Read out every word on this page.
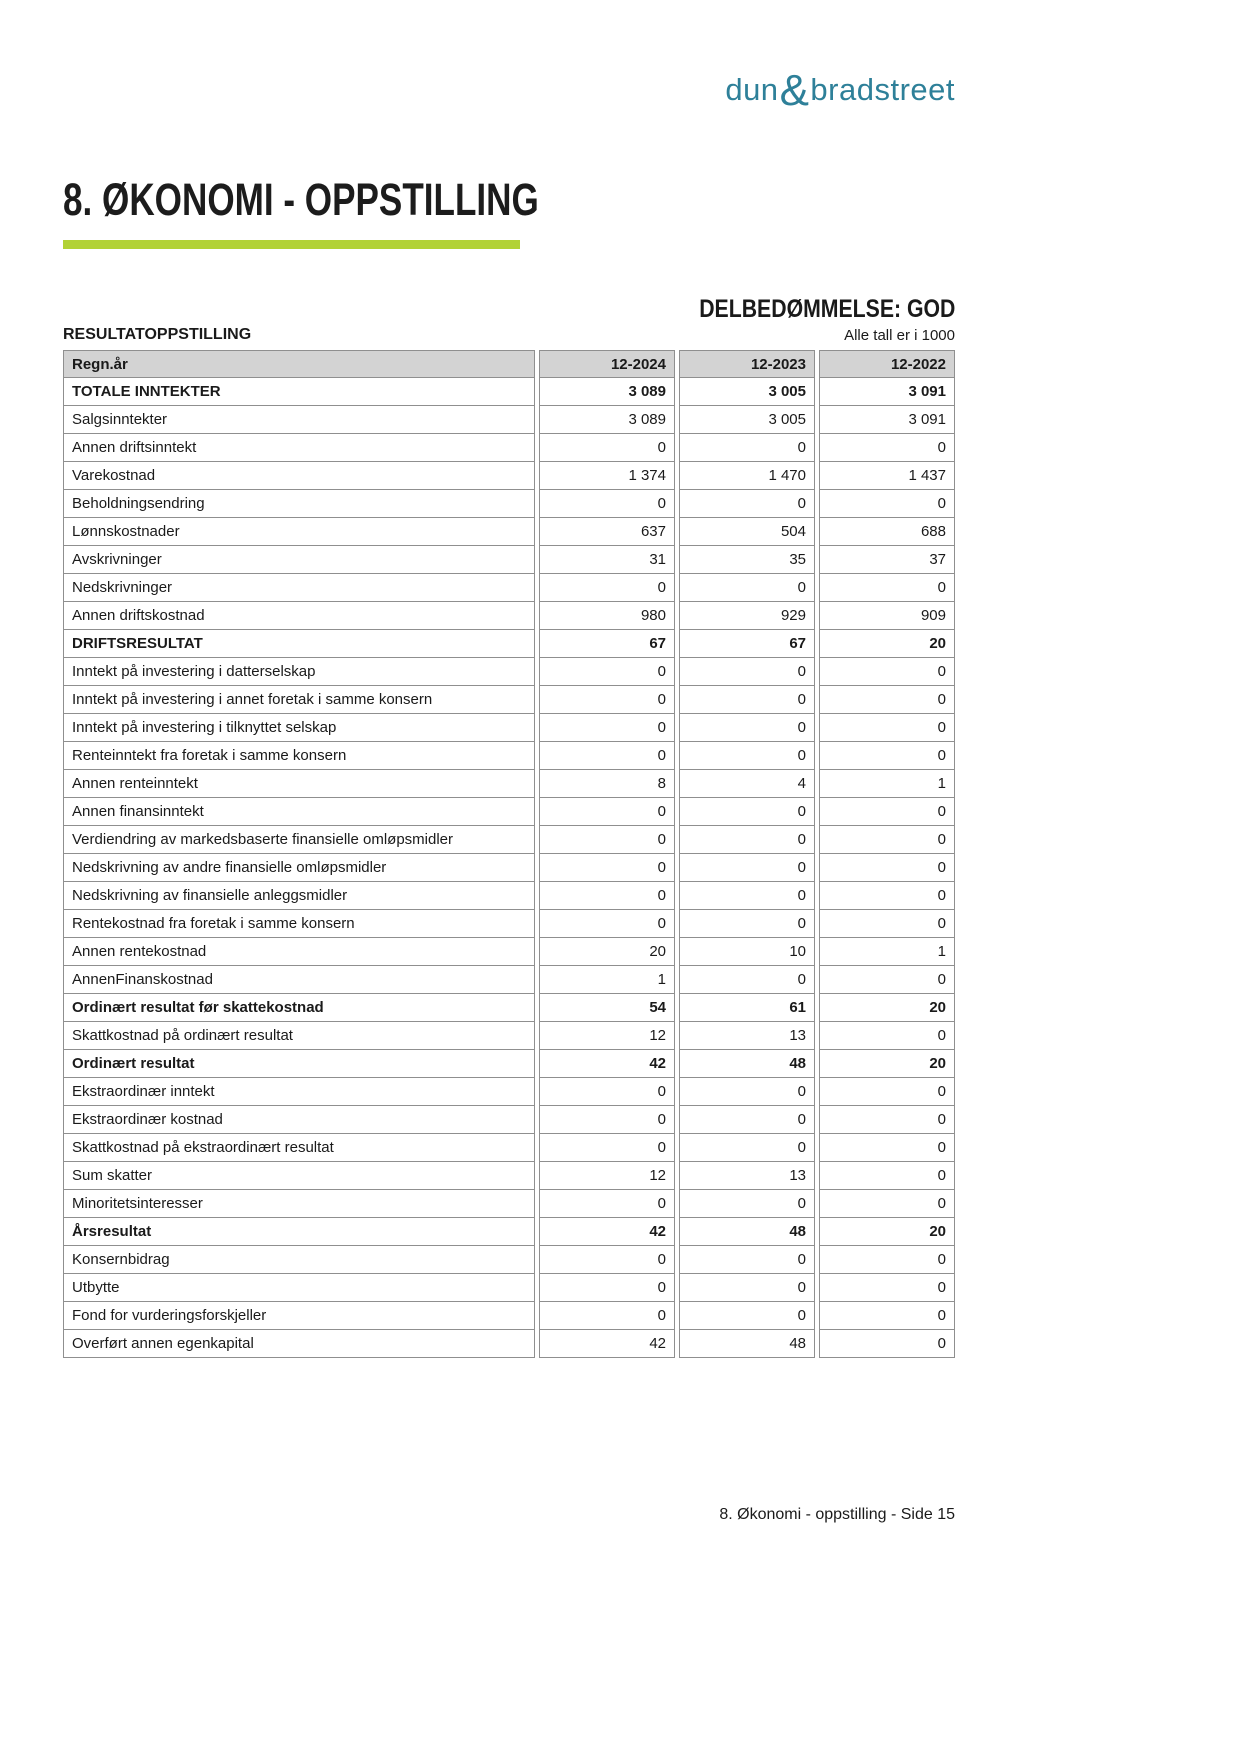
dun&bradstreet
8. ØKONOMI - OPPSTILLING
DELBEDØMMELSE: GOD
RESULTATOPPSTILLING	Alle tall er i 1000
Regn.år	12-2024	12-2023	12-2022
TOTALE INNTEKTER	3 089	3 005	3 091
Salgsinntekter	3 089	3 005	3 091
Annen driftsinntekt	0	0	0
Varekostnad	1 374	1 470	1 437
Beholdningsendring	0	0	0
Lønnskostnader	637	504	688
Avskrivninger	31	35	37
Nedskrivninger	0	0	0
Annen driftskostnad	980	929	909
DRIFTSRESULTAT	67	67	20
Inntekt på investering i datterselskap	0	0	0
Inntekt på investering i annet foretak i samme konsern	0	0	0
Inntekt på investering i tilknyttet selskap	0	0	0
Renteinntekt fra foretak i samme konsern	0	0	0
Annen renteinntekt	8	4	1
Annen finansinntekt	0	0	0
Verdiendring av markedsbaserte finansielle omløpsmidler	0	0	0
Nedskrivning av andre finansielle omløpsmidler	0	0	0
Nedskrivning av finansielle anleggsmidler	0	0	0
Rentekostnad fra foretak i samme konsern	0	0	0
Annen rentekostnad	20	10	1
AnnenFinanskostnad	1	0	0
Ordinært resultat før skattekostnad	54	61	20
Skattkostnad på ordinært resultat	12	13	0
Ordinært resultat	42	48	20
Ekstraordinær inntekt	0	0	0
Ekstraordinær kostnad	0	0	0
Skattkostnad på ekstraordinært resultat	0	0	0
Sum skatter	12	13	0
Minoritetsinteresser	0	0	0
Årsresultat	42	48	20
Konsernbidrag	0	0	0
Utbytte	0	0	0
Fond for vurderingsforskjeller	0	0	0
Overført annen egenkapital	42	48	0
8. Økonomi - oppstilling - Side 15
